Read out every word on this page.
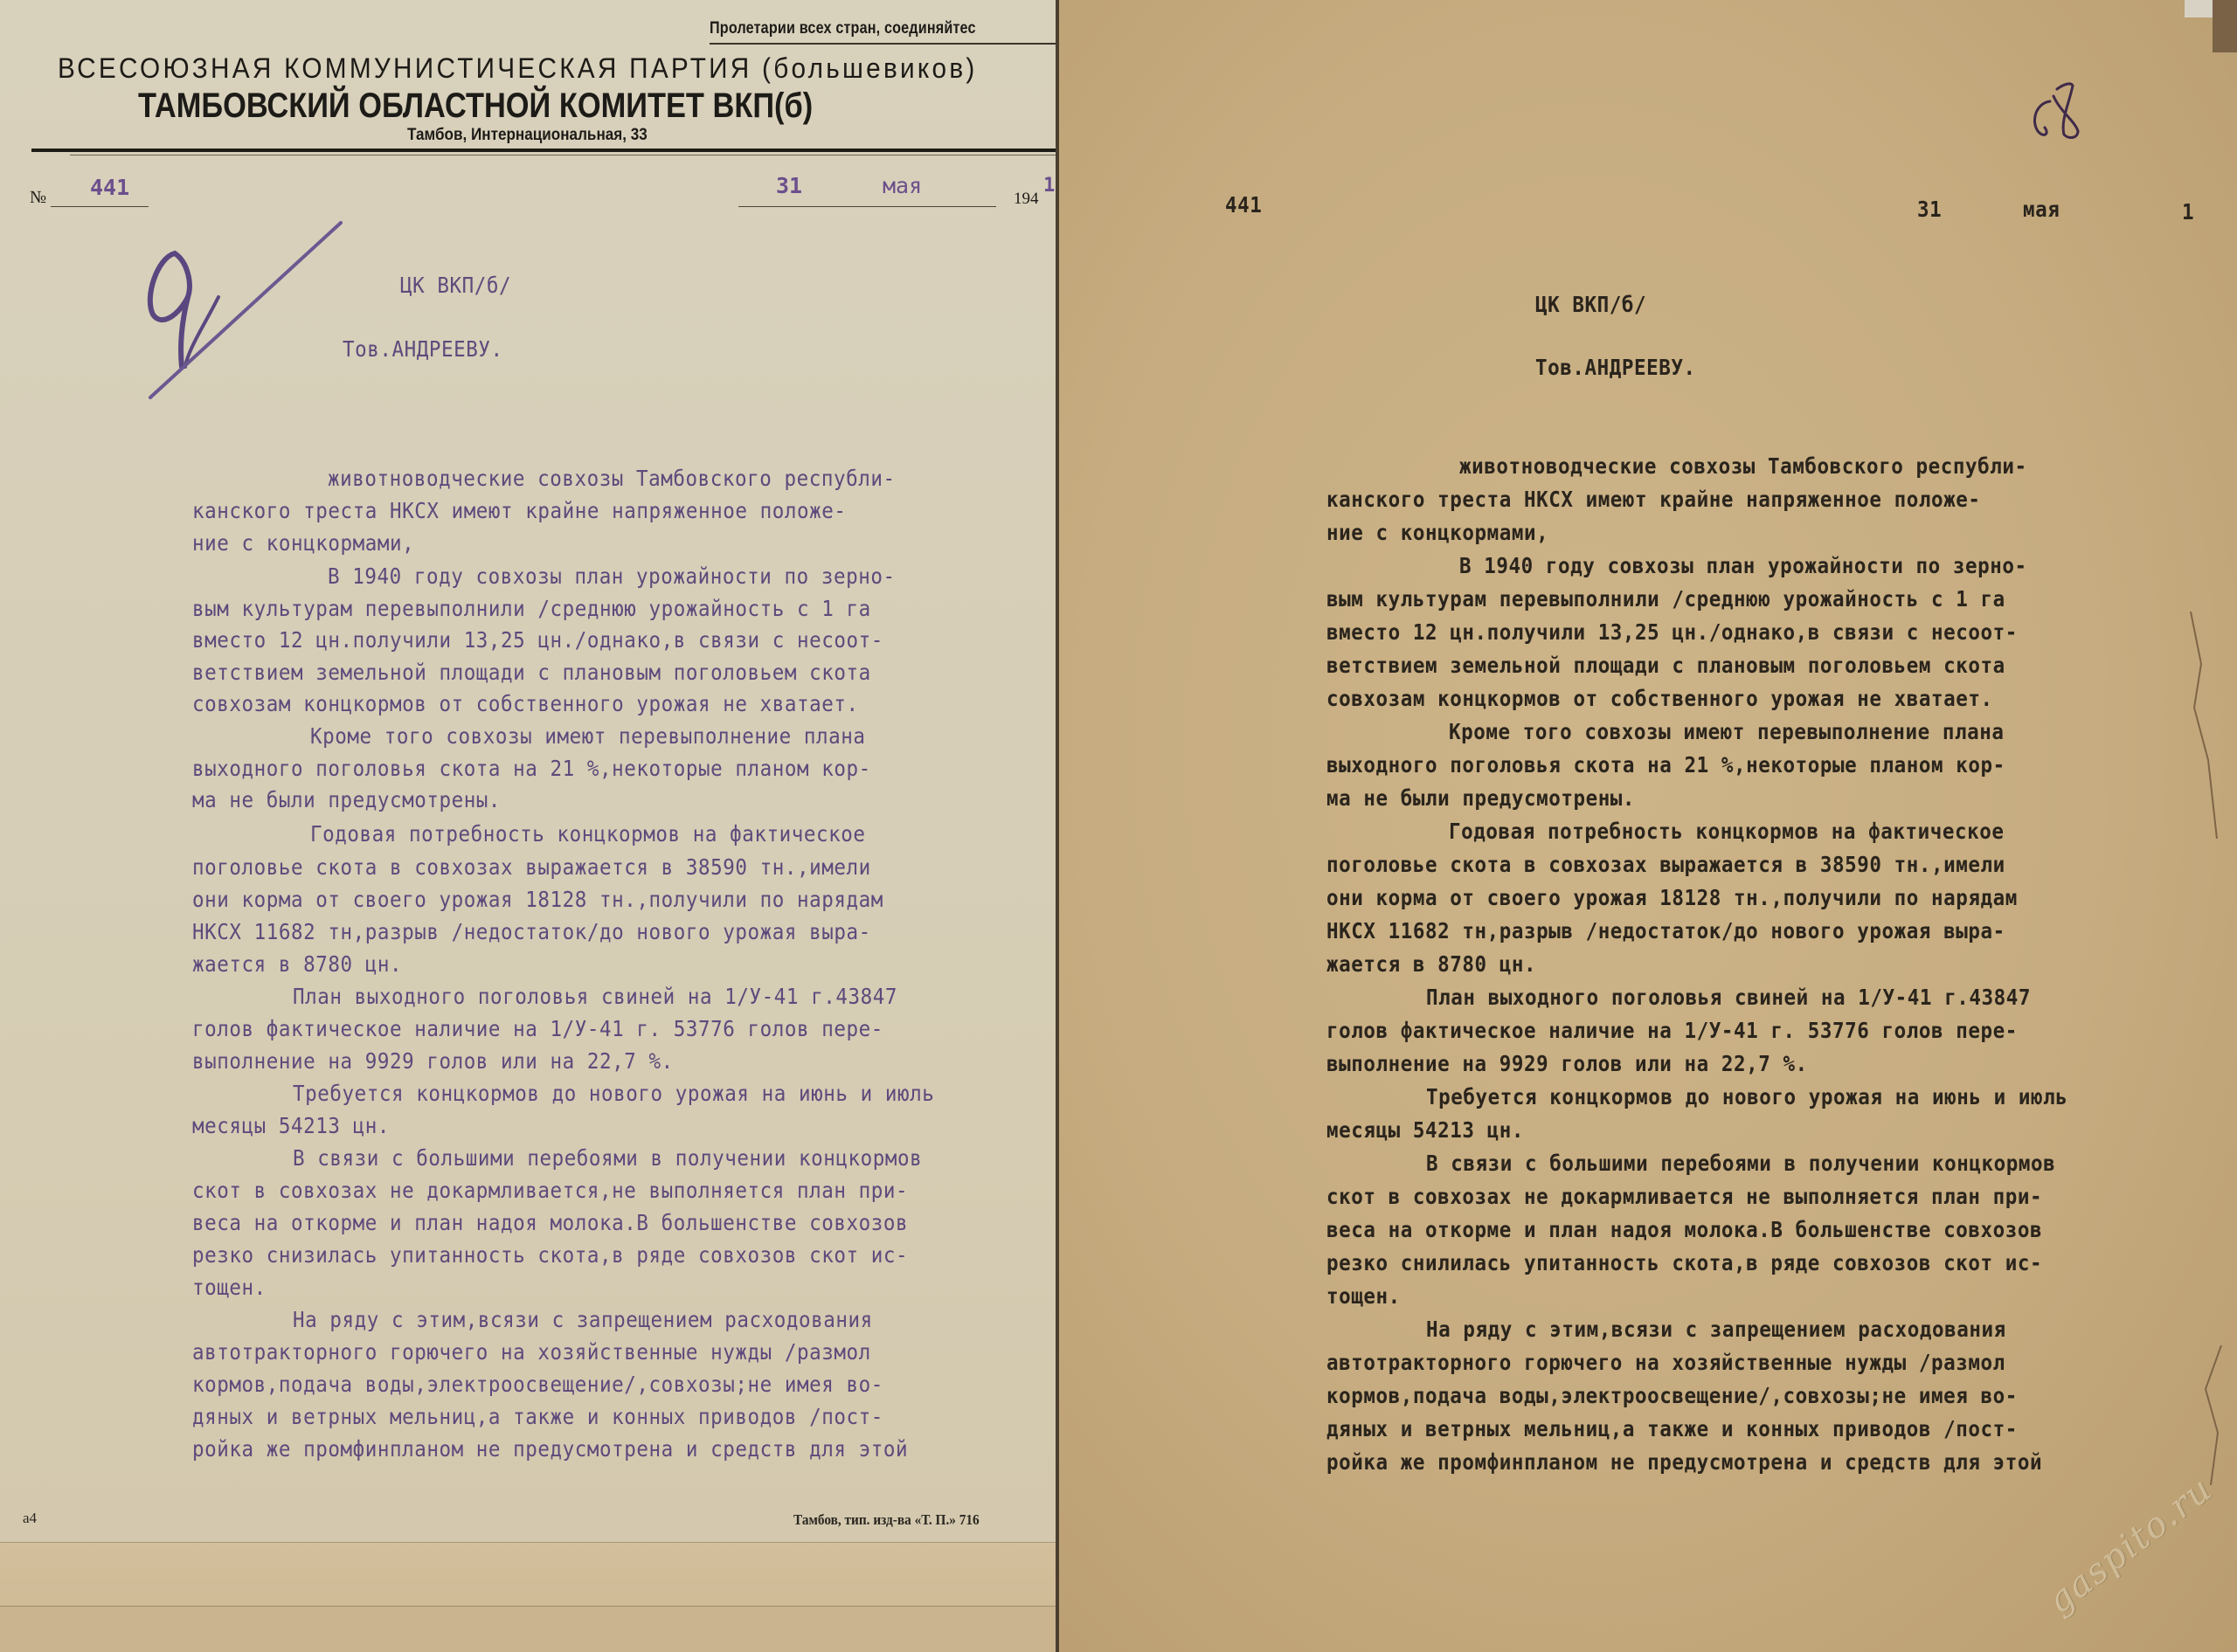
Пролетарии всех стран, соединяйтес
ВСЕСОЮЗНАЯ КОММУНИСТИЧЕСКАЯ ПАРТИЯ (большевиков)
ТАМБОВСКИЙ ОБЛАСТНОЙ КОМИТЕТ ВКП(б)
Тамбов, Интернациональная, 33
№ 441	31	мая
194
1
ЦК ВКП/б/
Тов.АНДРЕЕВУ.
животноводческие совхозы Тамбовского республи-
канского треста НКСХ имеют крайне напряженное положе-
ние с концкормами,
В 1940 году совхозы план урожайности по зерно-
вым культурам перевыполнили /среднюю урожайность с 1 га
вместо 12 цн.получили 13,25 цн./однако,в связи с несоот-
ветствием земельной площади с плановым поголовьем скота
совхозам концкормов от собственного урожая не хватает.
Кроме того совхозы имеют перевыполнение плана
выходного поголовья скота на 21 %,некоторые планом кор-
ма не были предусмотрены.
Годовая потребность концкормов на фактическое
поголовье скота в совхозах выражается в 38590 тн.,имели
они корма от своего урожая 18128 тн.,получили по нарядам
НКСХ 11682 тн,разрыв /недостаток/до нового урожая выра-
жается в 8780 цн.
План выходного поголовья свиней на 1/У-41 г.43847
голов фактическое наличие на 1/У-41 г. 53776 голов пере-
выполнение на 9929 голов или на 22,7 %.
Требуется концкормов до нового урожая на июнь и июль
месяцы 54213 цн.
В связи с большими перебоями в получении концкормов
скот в совхозах не докармливается,не выполняется план при-
веса на откорме и план надоя молока.В большенстве совхозов
резко снизилась упитанность скота,в ряде совхозов скот ис-
тощен.
На ряду с этим,всязи с запрещением расходования
автотракторного горючего на хозяйственные нужды /размол
кормов,подача воды,электроосвещение/,совхозы;не имея во-
дяных и ветрных мельниц,а также и конных приводов /пост-
ройка же промфинпланом не предусмотрена и средств для этой
а4	Тамбов, тип. изд-ва «Т. П.» 716
441	31	мая	1
ЦК ВКП/б/
Тов.АНДРЕЕВУ.
животноводческие совхозы Тамбовского республи-
канского треста НКСХ имеют крайне напряженное положе-
ние с концкормами,
В 1940 году совхозы план урожайности по зерно-
вым культурам перевыполнили /среднюю урожайность с 1 га
вместо 12 цн.получили 13,25 цн./однако,в связи с несоот-
ветствием земельной площади с плановым поголовьем скота
совхозам концкормов от собственного урожая не хватает.
Кроме того совхозы имеют перевыполнение плана
выходного поголовья скота на 21 %,некоторые планом кор-
ма не были предусмотрены.
Годовая потребность концкормов на фактическое
поголовье скота в совхозах выражается в 38590 тн.,имели
они корма от своего урожая 18128 тн.,получили по нарядам
НКСХ 11682 тн,разрыв /недостаток/до нового урожая выра-
жается в 8780 цн.
План выходного поголовья свиней на 1/У-41 г.43847
голов фактическое наличие на 1/У-41 г. 53776 голов пере-
выполнение на 9929 голов или на 22,7 %.
Требуется концкормов до нового урожая на июнь и июль
месяцы 54213 цн.
В связи с большими перебоями в получении концкормов
скот в совхозах не докармливается не выполняется план при-
веса на откорме и план надоя молока.В большенстве совхозов
резко снилилась упитанность скота,в ряде совхозов скот ис-
тощен.
На ряду с этим,всязи с запрещением расходования
автотракторного горючего на хозяйственные нужды /размол
кормов,подача воды,электроосвещение/,совхозы;не имея во-
дяных и ветрных мельниц,а также и конных приводов /пост-
ройка же промфинпланом не предусмотрена и средств для этой
gaspito.ru
